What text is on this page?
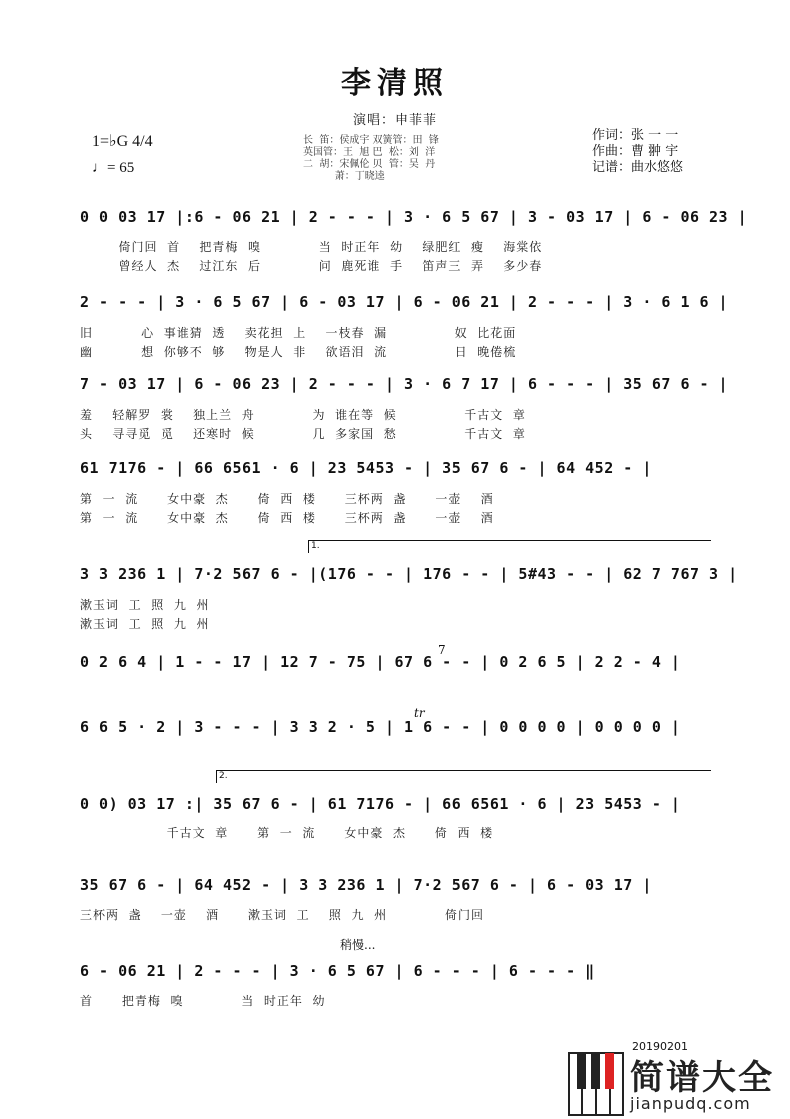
李清照
演唱：申菲菲
1=♭G 4/4
♩= 65
长  笛：侯成宇 双簧管：田  锋
英国管：王  旭 巴  松：刘  洋
二  胡：宋佩伦 贝  管：吴  丹
萧：丁晓逵
作词：张 一 一
作曲：曹 翀 宇
记谱：曲水悠悠
0 0 03 17 |:6 - 06 21 | 2 - - - | 3 · 6 5 67 | 3 - 03 17 | 6 - 06 23 |
倚门回  首    把青梅  嗅            当  时正年  幼    绿肥红  瘦    海棠依
曾经人  杰    过江东  后            问  鹿死谁  手    笛声三  弄    多少春
2 - - - | 3 · 6 5 67 | 6 - 03 17 | 6 - 06 21 | 2 - - - | 3 · 6 1 6 |
旧          心  事谁猜  透    卖花担  上    一枝春  漏              奴  比花面
幽          想  你够不  够    物是人  非    欲语泪  流              日  晚倦梳
7 - 03 17 | 6 - 06 23 | 2 - - - | 3 · 6 7 17 | 6 - - - | 35 67 6 - |
羞    轻解罗  裳    独上兰  舟            为  谁在等  候              千古文  章
头    寻寻觅  觅    还寒时  候            几  多家国  愁              千古文  章
61 7176 - | 66 6561 · 6 | 23 5453 - | 35 67 6 - | 64 452 - |
第  一  流      女中豪  杰      倚  西  楼      三杯两  盏      一壶    酒
第  一  流      女中豪  杰      倚  西  楼      三杯两  盏      一壶    酒
1.
3 3 236 1 | 7·2 567 6 - |(176 - - | 176 - - | 5#43 - - | 62 7 767 3 |
漱玉词  工  照  九  州
漱玉词  工  照  九  州
0 2 6 4 | 1 - - 17 | 12 7 - 75 | 67 6 - - | 0 2 6 5 | 2 2 - 4 |
7
tr
6 6 5 · 2 | 3 - - - | 3 3 2 · 5 | 1 6 - - | 0 0 0 0 | 0 0 0 0 |
2.
0 0) 03 17 :| 35 67 6 - | 61 7176 - | 66 6561 · 6 | 23 5453 - |
千古文  章      第  一  流      女中豪  杰      倚  西  楼
35 67 6 - | 64 452 - | 3 3 236 1 | 7·2 567 6 - | 6 - 03 17 |
三杯两  盏    一壶    酒      漱玉词  工    照  九  州            倚门回
稍慢...
6 - 06 21 | 2 - - - | 3 · 6 5 67 | 6 - - - | 6 - - - ‖
首      把青梅  嗅            当  时正年  幼
20190201
简谱大全
jianpudq.com
